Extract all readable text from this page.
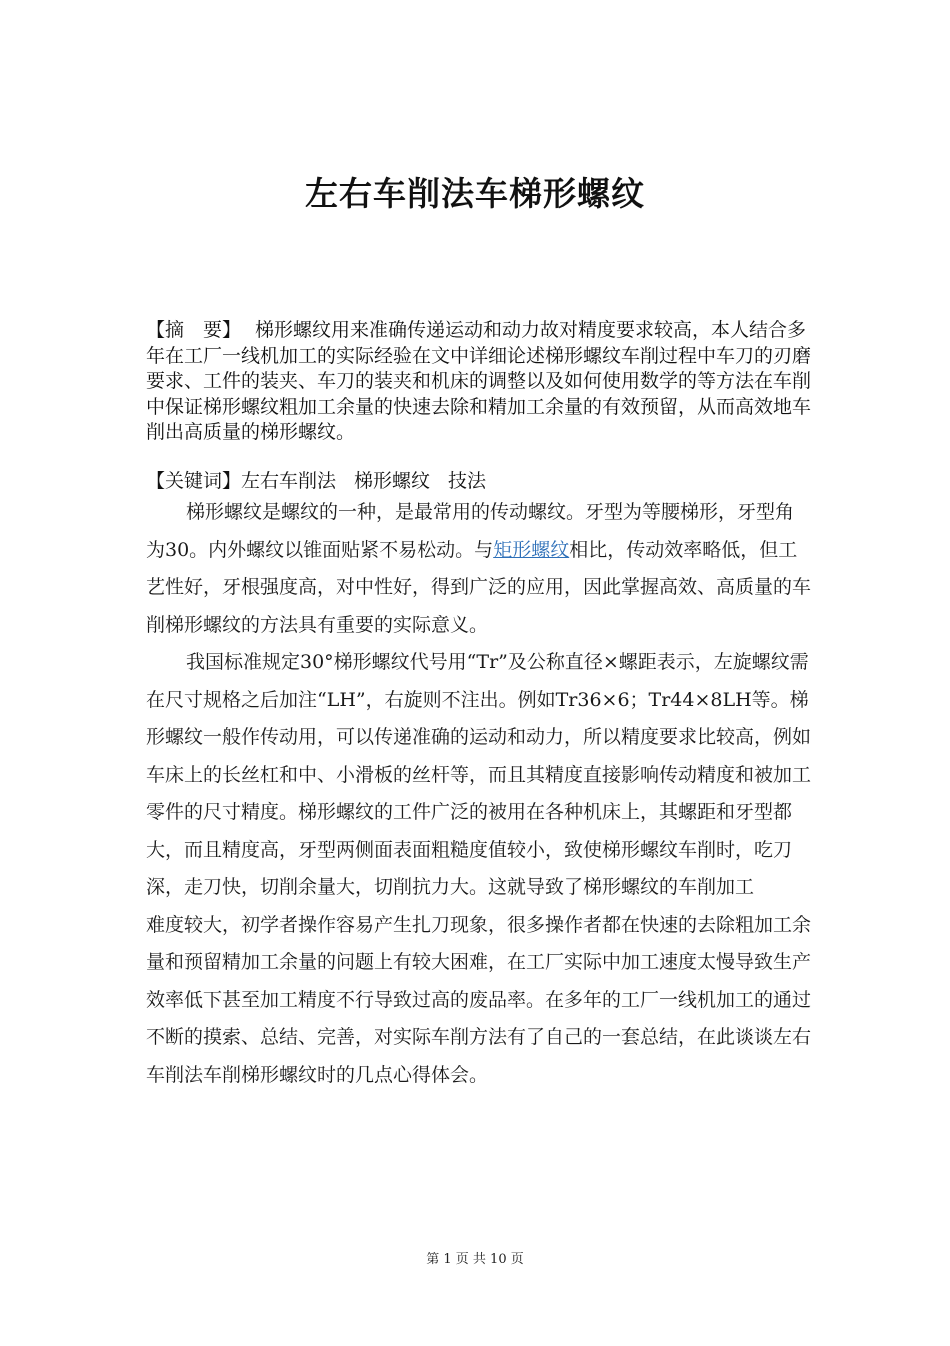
左右车削法车梯形螺纹

【摘　要】 梯形螺纹用来准确传递运动和动力故对精度要求较高，本人结合多年在工厂一线机加工的实际经验在文中详细论述梯形螺纹车削过程中车刀的刃磨要求、工件的装夹、车刀的装夹和机床的调整以及如何使用数学的等方法在车削中保证梯形螺纹粗加工余量的快速去除和精加工余量的有效预留，从而高效地车削出高质量的梯形螺纹。

【关键词】左右车削法 梯形螺纹 技法

梯形螺纹是螺纹的一种，是最常用的传动螺纹。牙型为等腰梯形，牙型角为30。内外螺纹以锥面贴紧不易松动。与矩形螺纹相比，传动效率略低，但工艺性好，牙根强度高，对中性好，得到广泛的应用，因此掌握高效、高质量的车削梯形螺纹的方法具有重要的实际意义。

我国标准规定30°梯形螺纹代号用“Tr”及公称直径×螺距表示，左旋螺纹需在尺寸规格之后加注“LH”，右旋则不注出。例如Tr36×6；Tr44×8LH等。梯形螺纹一般作传动用，可以传递准确的运动和动力，所以精度要求比较高，例如车床上的长丝杠和中、小滑板的丝杆等，而且其精度直接影响传动精度和被加工零件的尺寸精度。梯形螺纹的工件广泛的被用在各种机床上，其螺距和牙型都大，而且精度高，牙型两侧面表面粗糙度值较小，致使梯形螺纹车削时，吃刀深，走刀快，切削余量大，切削抗力大。这就导致了梯形螺纹的车削加工

难度较大，初学者操作容易产生扎刀现象，很多操作者都在快速的去除粗加工余量和预留精加工余量的问题上有较大困难，在工厂实际中加工速度太慢导致生产效率低下甚至加工精度不行导致过高的废品率。在多年的工厂一线机加工的通过不断的摸索、总结、完善，对实际车削方法有了自己的一套总结，在此谈谈左右车削法车削梯形螺纹时的几点心得体会。

第 1 页 共 10 页
